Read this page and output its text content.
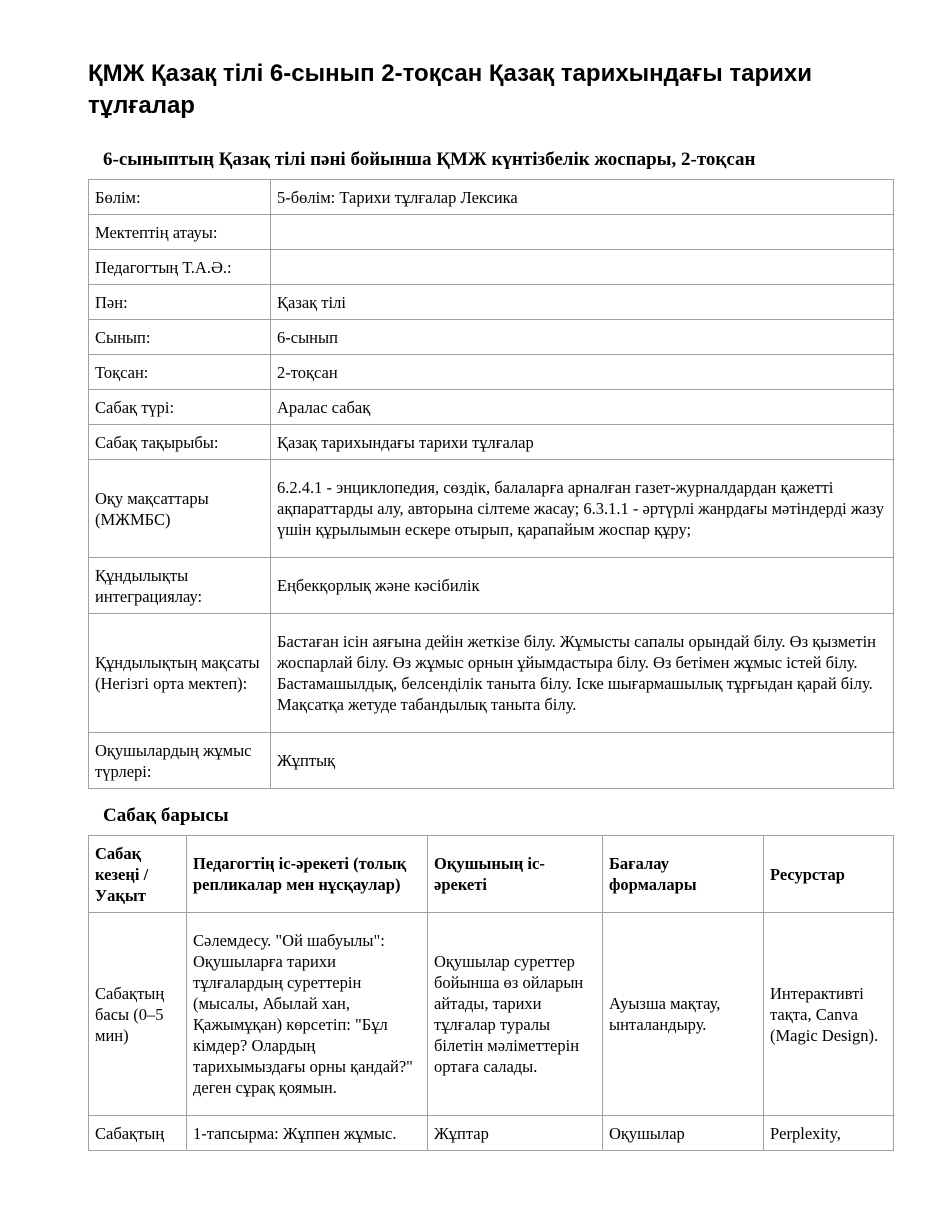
ҚМЖ Қазақ тілі 6-сынып 2-тоқсан Қазақ тарихындағы тарихи тұлғалар
6-сыныптың Қазақ тілі пәні бойынша ҚМЖ күнтізбелік жоспары, 2-тоқсан
Бөлім:	5-бөлім: Тарихи тұлғалар Лексика
Мектептің атауы:	
Педагогтың Т.А.Ә.:	
Пән:	Қазақ тілі
Сынып:	6-сынып
Тоқсан:	2-тоқсан
Сабақ түрі:	Аралас сабақ
Сабақ тақырыбы:	Қазақ тарихындағы тарихи тұлғалар
Оқу мақсаттары (МЖМБС)	6.2.4.1 - энциклопедия, сөздік, балаларға арналған газет-журналдардан қажетті ақпараттарды алу, авторына сілтеме жасау; 6.3.1.1 - әртүрлі жанрдағы мәтіндерді жазу үшін құрылымын ескере отырып, қарапайым жоспар құру;
Құндылықты интеграциялау:	Еңбекқорлық және кәсібилік
Құндылықтың мақсаты (Негізгі орта мектеп):	Бастаған ісін аяғына дейін жеткізе білу. Жұмысты сапалы орындай білу. Өз қызметін жоспарлай білу. Өз жұмыс орнын ұйымдастыра білу. Өз бетімен жұмыс істей білу. Бастамашылдық, белсенділік танытa білу. Іске шығармашылық тұрғыдан қарай білу. Мақсатқа жетуде табандылық таныта білу.
Оқушылардың жұмыс түрлері:	Жұптық
Сабақ барысы
Сабақ кезеңі / Уақыт	Педагогтің іс-әрекеті (толық репликалар мен нұсқаулар)	Оқушының іс-әрекеті	Бағалау формалары	Ресурстар
Сабақтың басы (0–5 мин)	Сәлемдесу. "Ой шабуылы": Оқушыларға тарихи тұлғалардың суреттерін (мысалы, Абылай хан, Қажымұқан) көрсетіп: "Бұл кімдер? Олардың тарихымыздағы орны қандай?" деген сұрақ қоямын.	Оқушылар суреттер бойынша өз ойларын айтады, тарихи тұлғалар туралы білетін мәліметтерін ортаға салады.	Ауызша мақтау, ынталандыру.	Интерактивті тақта, Canva (Magic Design).
Сабақтың	1-тапсырма: Жұппен жұмыс.	Жұптар	Оқушылар	Perplexity,
